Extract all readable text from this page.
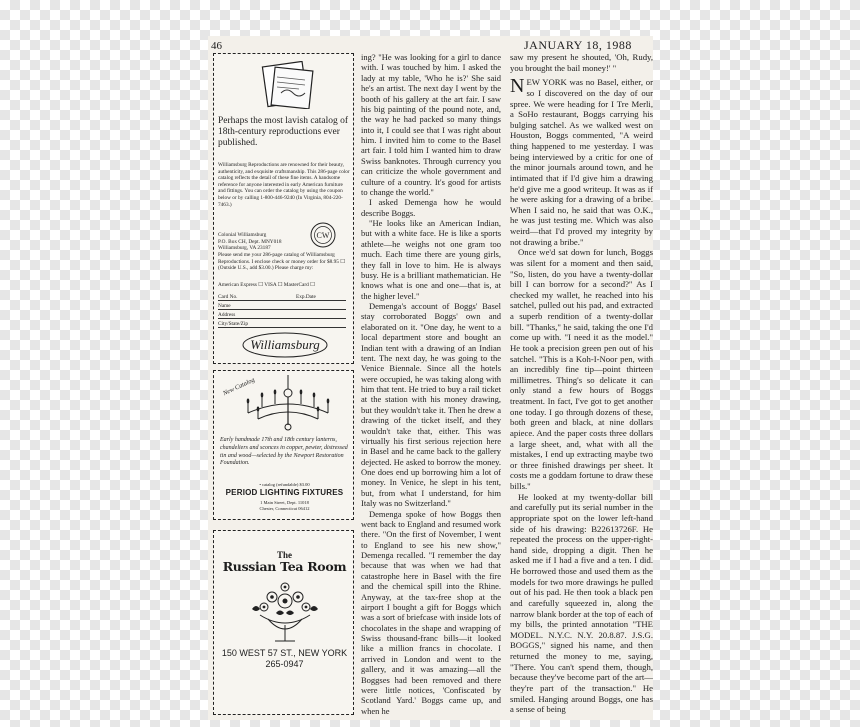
46	JANUARY 18, 1988
Perhaps the most lavish catalog of 18th-century reproductions ever published.
Williamsburg Reproductions are renowned for their beauty, authenticity, and exquisite craftsmanship. This 286-page color catalog reflects the detail of these fine items. A handsome reference for anyone interested in early American furniture and fittings. You can order the catalog by using the coupon below or by calling 1-800-446-9240 (In Virginia, 804-220-7463.)
Colonial Williamsburg
P.O. Box CH, Dept. MNY018
Williamsburg, VA 23187
CW
Please send me your 286-page catalog of Williamsburg Reproductions. I enclose check or money order for $8.95 ☐ (Outside U.S., add $3.00.) Please charge my:
American Express ☐ VISA ☐ MasterCard ☐
Card No.	Exp.Date
Name
Address
City/State/Zip
Williamsburg
New Catalog
Early handmade 17th and 18th century lanterns, chandeliers and sconces in copper, pewter, distressed tin and wood—selected by the Newport Restoration Foundation.
• catalog (refundable) $3.00
PERIOD LIGHTING FIXTURES
1 Main Street, Dept. 11018
Chester, Connecticut 06412
The
Russian Tea Room
150 WEST 57 ST., NEW YORK
265-0947

ing? "He was looking for a girl to dance with. I was touched by him. I asked the lady at my table, 'Who he is?' She said he's an artist. The next day I went by the booth of his gallery at the art fair. I saw his big painting of the pound note, and, the way he had packed so many things into it, I could see that I was right about him. I invited him to come to the Basel art fair. I told him I wanted him to draw Swiss banknotes. Through currency you can criticize the whole government and culture of a country. It's good for artists to change the world."

I asked Demenga how he would describe Boggs.

"He looks like an American Indian, but with a white face. He is like a sports athlete—he weighs not one gram too much. Each time there are young girls, they fall in love to him. He is always busy. He is a brilliant mathematician. He knows what is one and one—that is, at the higher level."

Demenga's account of Boggs' Basel stay corroborated Boggs' own and elaborated on it. "One day, he went to a local department store and bought an Indian tent with a drawing of an Indian tent. The next day, he was going to the Venice Biennale. Since all the hotels were occupied, he was taking along with him that tent. He tried to buy a rail ticket at the station with his money drawing, but they wouldn't take it. Then he drew a drawing of the ticket itself, and they wouldn't take that, either. This was virtually his first serious rejection here in Basel and he came back to the gallery dejected. He asked to borrow the money. One does end up borrowing him a lot of money. In Venice, he slept in his tent, but, from what I understand, for him Italy was no Switzerland."

Demenga spoke of how Boggs then went back to England and resumed work there. "On the first of November, I went to England to see his new show," Demenga recalled. "I remember the day because that was when we had that catastrophe here in Basel with the fire and the chemical spill into the Rhine. Anyway, at the tax-free shop at the airport I bought a gift for Boggs which was a sort of briefcase with inside lots of chocolates in the shape and wrapping of Swiss thousand-franc bills—it looked like a million francs in chocolate. I arrived in London and went to the gallery, and it was amazing—all the Boggses had been removed and there were little notices, 'Confiscated by Scotland Yard.' Boggs came up, and when he

saw my present he shouted, 'Oh, Rudy, you brought the bail money!' "

NEW YORK was no Basel, either, or so I discovered on the day of our spree. We were heading for I Tre Merli, a SoHo restaurant, Boggs carrying his bulging satchel. As we walked west on Houston, Boggs commented, "A weird thing happened to me yesterday. I was being interviewed by a critic for one of the minor journals around town, and he intimated that if I'd give him a drawing he'd give me a good writeup. It was as if he were asking for a drawing of a bribe. When I said no, he said that was O.K., he was just testing me. Which was also weird—that I'd proved my integrity by not drawing a bribe."

Once we'd sat down for lunch, Boggs was silent for a moment and then said, "So, listen, do you have a twenty-dollar bill I can borrow for a second?" As I checked my wallet, he reached into his satchel, pulled out his pad, and extracted a superb rendition of a twenty-dollar bill. "Thanks," he said, taking the one I'd come up with. "I need it as the model." He took a precision green pen out of his satchel. "This is a Koh-I-Noor pen, with an incredibly fine tip—point thirteen millimetres. Thing's so delicate it can only stand a few hours of Boggs treatment. In fact, I've got to get another one today. I go through dozens of these, both green and black, at nine dollars apiece. And the paper costs three dollars a large sheet, and, what with all the mistakes, I end up extracting maybe two or three finished drawings per sheet. It costs me a goddam fortune to draw these bills."

He looked at my twenty-dollar bill and carefully put its serial number in the appropriate spot on the lower left-hand side of his drawing: B22613726F. He repeated the process on the upper-right-hand side, dropping a digit. Then he asked me if I had a five and a ten. I did. He borrowed those and used them as the models for two more drawings he pulled out of his pad. He then took a black pen and carefully squeezed in, along the narrow blank border at the top of each of my bills, the printed annotation "THE MODEL. N.Y.C. N.Y. 20.8.87. J.S.G. BOGGS," signed his name, and then returned the money to me, saying, "There. You can't spend them, though, because they've become part of the art—they're part of the transaction." He smiled. Hanging around Boggs, one has a sense of being
